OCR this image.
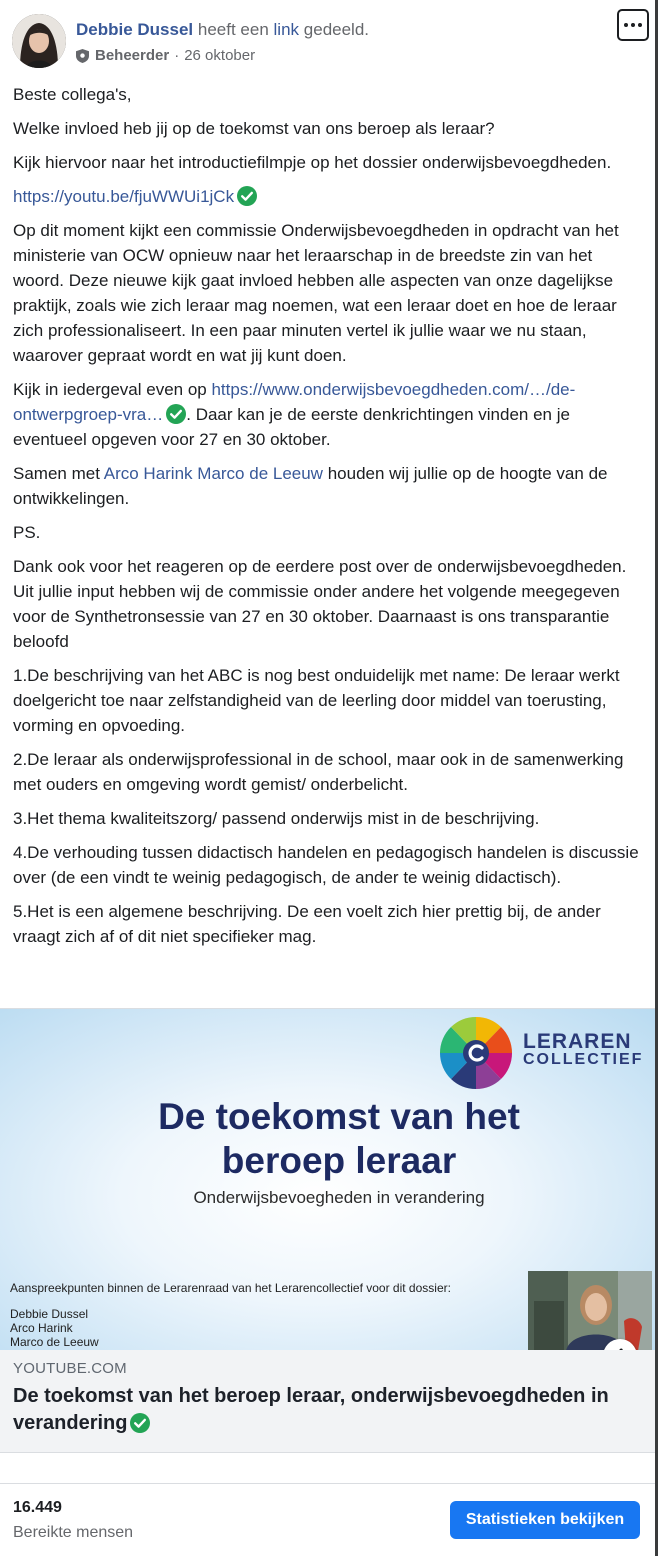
Debbie Dussel heeft een link gedeeld.
Beheerder · 26 oktober

Beste collega's,

Welke invloed heb jij op de toekomst van ons beroep als leraar?

Kijk hiervoor naar het introductiefilmpje op het dossier onderwijsbevoegdheden.

https://youtu.be/fjuWWUi1jCk

Op dit moment kijkt een commissie Onderwijsbevoegdheden in opdracht van het ministerie van OCW opnieuw naar het leraarschap in de breedste zin van het woord. Deze nieuwe kijk gaat invloed hebben alle aspecten van onze dagelijkse praktijk, zoals wie zich leraar mag noemen, wat een leraar doet en hoe de leraar zich professionaliseert. In een paar minuten vertel ik jullie waar we nu staan, waarover gepraat wordt en wat jij kunt doen.

Kijk in iedergeval even op https://www.onderwijsbevoegdheden.com/…/de-ontwerpgroep-vra… . Daar kan je de eerste denkrichtingen vinden en je eventueel opgeven voor 27 en 30 oktober.

Samen met Arco Harink Marco de Leeuw houden wij jullie op de hoogte van de ontwikkelingen.

PS.

Dank ook voor het reageren op de eerdere post over de onderwijsbevoegdheden. Uit jullie input hebben wij de commissie onder andere het volgende meegegeven voor de Synthetronsessie van 27 en 30 oktober. Daarnaast is ons transparantie beloofd

1.De beschrijving van het ABC is nog best onduidelijk met name: De leraar werkt doelgericht toe naar zelfstandigheid van de leerling door middel van toerusting, vorming en opvoeding.

2.De leraar als onderwijsprofessional in de school, maar ook in de samenwerking met ouders en omgeving wordt gemist/ onderbelicht.

3.Het thema kwaliteitszorg/ passend onderwijs mist in de beschrijving.

4.De verhouding tussen didactisch handelen en pedagogisch handelen is discussie over (de een vindt te weinig pedagogisch, de ander te weinig didactisch).

5.Het is een algemene beschrijving. De een voelt zich hier prettig bij, de ander vraagt zich af of dit niet specifieker mag.

LERAREN
COLLECTIEF
De toekomst van het
beroep leraar
Onderwijsbevoegheden in verandering
Aanspreekpunten binnen de Lerarenraad van het Lerarencollectief voor dit dossier:
Debbie Dussel
Arco Harink
Marco de Leeuw
YOUTUBE.COM
De toekomst van het beroep leraar, onderwijsbevoegdheden in verandering
16.449
Bereikte mensen
Statistieken bekijken
